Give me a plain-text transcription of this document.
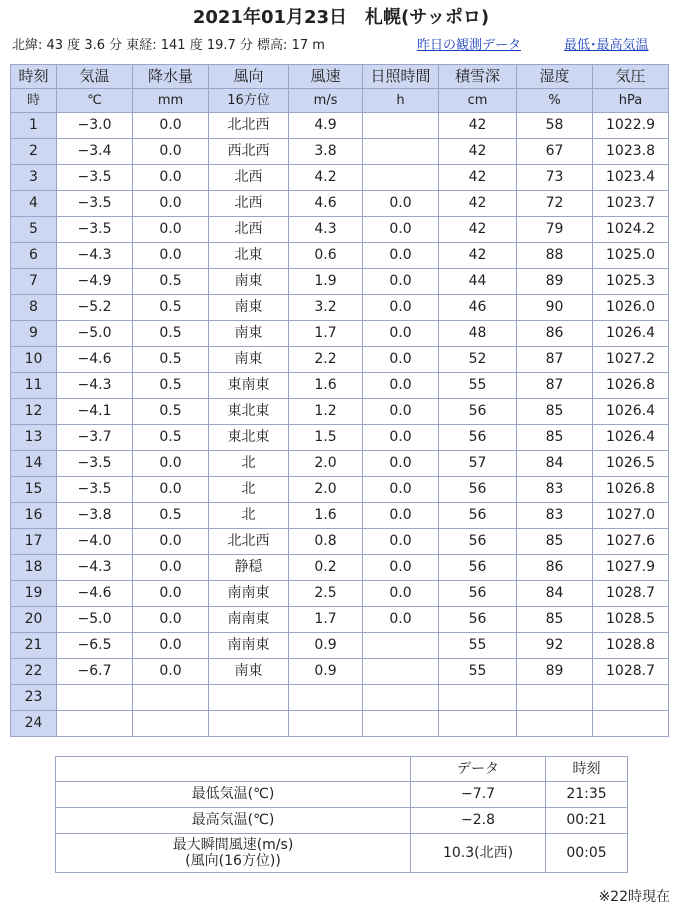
2021年01月23日　札幌(サッポロ)
北緯: 43 度 3.6 分 東経: 141 度 19.7 分 標高: 17 m	昨日の観測データ	最低･最高気温
時刻	気温	降水量	風向	風速	日照時間	積雪深	湿度	気圧
時	℃	mm	16方位	m/s	h	cm	%	hPa
1	−3.0	0.0	北北西	4.9		42	58	1022.9
2	−3.4	0.0	西北西	3.8		42	67	1023.8
3	−3.5	0.0	北西	4.2		42	73	1023.4
4	−3.5	0.0	北西	4.6	0.0	42	72	1023.7
5	−3.5	0.0	北西	4.3	0.0	42	79	1024.2
6	−4.3	0.0	北東	0.6	0.0	42	88	1025.0
7	−4.9	0.5	南東	1.9	0.0	44	89	1025.3
8	−5.2	0.5	南東	3.2	0.0	46	90	1026.0
9	−5.0	0.5	南東	1.7	0.0	48	86	1026.4
10	−4.6	0.5	南東	2.2	0.0	52	87	1027.2
11	−4.3	0.5	東南東	1.6	0.0	55	87	1026.8
12	−4.1	0.5	東北東	1.2	0.0	56	85	1026.4
13	−3.7	0.5	東北東	1.5	0.0	56	85	1026.4
14	−3.5	0.0	北	2.0	0.0	57	84	1026.5
15	−3.5	0.0	北	2.0	0.0	56	83	1026.8
16	−3.8	0.5	北	1.6	0.0	56	83	1027.0
17	−4.0	0.0	北北西	0.8	0.0	56	85	1027.6
18	−4.3	0.0	静穏	0.2	0.0	56	86	1027.9
19	−4.6	0.0	南南東	2.5	0.0	56	84	1028.7
20	−5.0	0.0	南南東	1.7	0.0	56	85	1028.5
21	−6.5	0.0	南南東	0.9		55	92	1028.8
22	−6.7	0.0	南東	0.9		55	89	1028.7
23								
24								
	データ	時刻
最低気温(℃)	−7.7	21:35
最高気温(℃)	−2.8	00:21

最大瞬間風速(m/s)
(風向(16方位))	10.3(北西)	00:05
※22時現在
